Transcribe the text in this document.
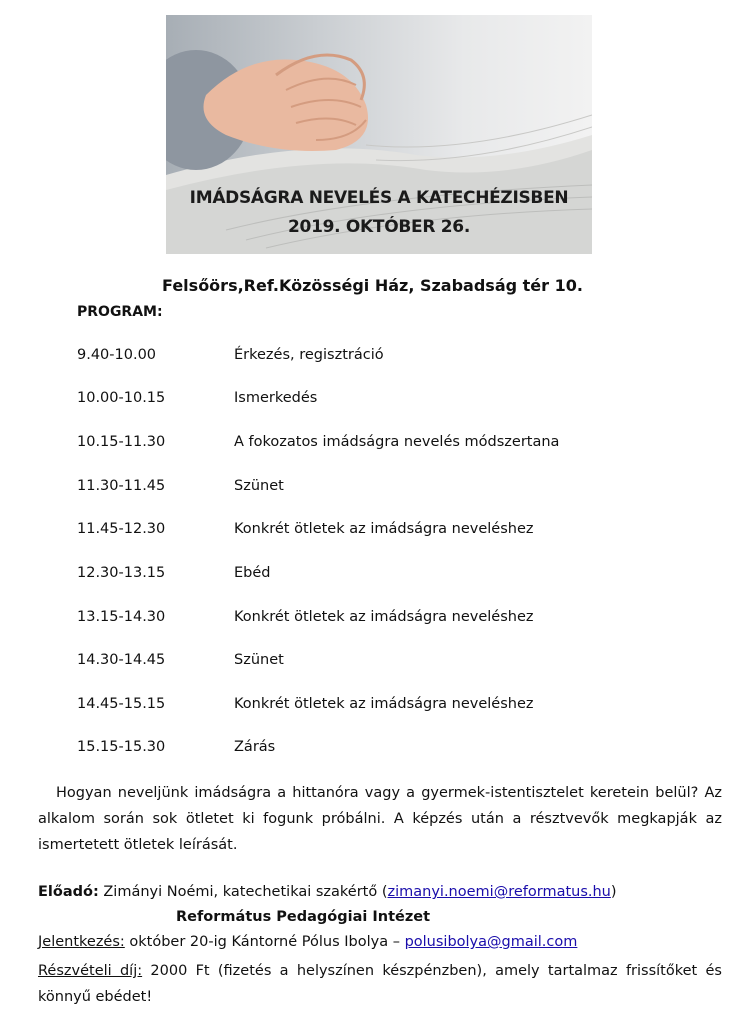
IMÁDSÁGRA NEVELÉS A KATECHÉZISBEN
2019. OKTÓBER 26.
Felsőörs,Ref.Közösségi Ház, Szabadság tér 10.
PROGRAM:
9.40-10.00	Érkezés, regisztráció
10.00-10.15	Ismerkedés
10.15-11.30	A fokozatos imádságra nevelés módszertana
11.30-11.45	Szünet
11.45-12.30	Konkrét ötletek az imádságra neveléshez
12.30-13.15	Ebéd
13.15-14.30	Konkrét ötletek az imádságra neveléshez
14.30-14.45	Szünet
14.45-15.15	Konkrét ötletek az imádságra neveléshez
15.15-15.30	Zárás
Hogyan neveljünk imádságra a hittanóra vagy a gyermek-istentisztelet keretein belül? Az alkalom során sok ötletet ki fogunk próbálni. A képzés után a résztvevők megkapják az ismertetett ötletek leírását.
Előadó: Zimányi Noémi, katechetikai szakértő (zimanyi.noemi@reformatus.hu)
Református Pedagógiai Intézet
Jelentkezés: október 20-ig Kántorné Pólus Ibolya – polusibolya@gmail.com
Részvételi díj: 2000 Ft (fizetés a helyszínen készpénzben), amely tartalmaz frissítőket és könnyű ebédet!
